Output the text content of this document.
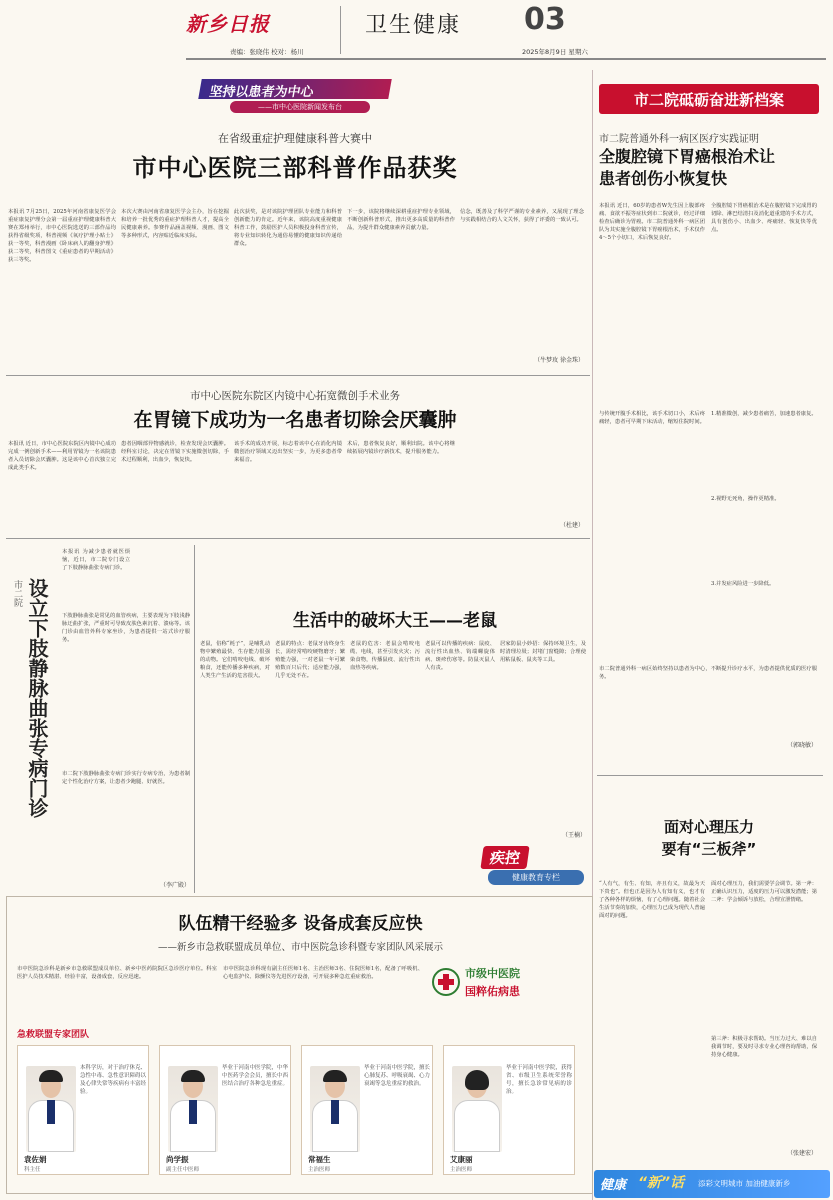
新乡日报	卫生健康 03
责编：张晓伟 校对：杨川	2025年8月9日 星期六
坚持以患者为中心
——市中心医院新闻发布台
在省级重症护理健康科普大赛中
市中心医院三部科普作品获奖
本报讯 7月25日，2025年河南省康复医学会重症康复护理分会第一届重症护理健康科普大赛在郑州举行，市中心医院选送的三部作品均获得省级奖项，科普视频《氧疗护理小贴士》获一等奖，科普漫画《卧床病人的翻身护理》获二等奖，科普图文《重症患者的早期活动》获三等奖。
本次大赛由河南省康复医学会主办，旨在挖掘和培养一批优秀的重症护理科普人才，提高全民健康素养。参赛作品涵盖视频、漫画、图文等多种形式，内容贴近临床实际。
此次获奖，是对该院护理团队专业能力和科普创新能力的肯定。近年来，该院高度重视健康科普工作，鼓励医护人员积极投身科普宣传，将专业知识转化为通俗易懂的健康知识传递给群众。
下一步，该院将继续深耕重症护理专业领域，不断创新科普形式，推出更多高质量的科普作品，为提升群众健康素养贡献力量。
信念，既善及了科学严谨的专业素养，又展现了理念与实践相结合的人文关怀，获得了评委的一致认可。
（牛梦玫 徐金珠）
市中心医院东院区内镜中心拓宽微创手术业务
在胃镜下成功为一名患者切除会厌囊肿
本报讯 近日，市中心医院东院区内镜中心成功完成一例创新手术——利用胃镜为一名该院患者入员切除会厌囊肿。这是该中心首次独立完成此类手术。
患者因咽部异物感就诊，检查发现会厌囊肿。经科室讨论，决定在胃镜下实施微创切除，手术过程顺利，出血少，恢复快。
该手术的成功开展，标志着该中心在消化内镜微创治疗领域又迈出坚实一步，为更多患者带来福音。
术后，患者恢复良好，顺利出院。该中心将继续拓展内镜诊疗新技术，提升服务能力。
（杜建）
市二院 设立下肢静脉曲张专病门诊
本报讯 为减少患者就医烦恼，近日，市二院专门设立了下肢静脉曲张专病门诊。
下肢静脉曲张是常见的血管疾病，主要表现为下肢浅静脉迂曲扩张，严重时可导致皮肤色素沉着、溃疡等。该门诊由血管外科专家坐诊，为患者提供一站式诊疗服务。
市二院下肢静脉曲张专病门诊实行专病专治，为患者制定个性化治疗方案，让患者少跑腿、好就医。
（李广殿）
生活中的破坏大王——老鼠
老鼠，俗称“耗子”，是哺乳动物中繁殖最快、生存能力很强的动物。它们啃咬电线、破坏粮食，还能传播多种疾病，对人类生产生活的危害很大。
老鼠的特点：老鼠牙齿终身生长，需经常啃咬硬物磨牙；繁殖能力强，一对老鼠一年可繁殖数百只后代；适应能力强，几乎无处不在。
老鼠的危害：老鼠会啃咬电缆、电线，甚至引发火灾；污染食物，传播鼠疫、流行性出血热等疾病。
老鼠可以传播的疾病：鼠疫、流行性出血热、钩端螺旋体病、斑疹伤寒等。防鼠灭鼠人人有责。
居家防鼠小妙招：保持环境卫生，及时清理垃圾；封堵门窗缝隙；合理使用粘鼠板、鼠夹等工具。
（王楠）
疾控
健康教育专栏
市二院砥砺奋进新档案
市二院普通外科一病区医疗实践证明
全腹腔镜下胃癌根治术让患者创伤小恢复快
本报讯 近日，60岁的患者W先生因上腹部疼痛、食欲不振等症状到市二院就诊，经过详细检查后确诊为胃癌。市二院普通外科一病区团队为其实施全腹腔镜下胃癌根治术，手术仅作4～5个小切口，术后恢复良好。
全腹腔镜下胃癌根治术是在腹腔镜下完成胃的切除、淋巴结清扫及消化道重建的手术方式，具有创伤小、出血少、疼痛轻、恢复快等优点。
与传统开腹手术相比，该手术切口小，术后疼痛轻，患者可早期下床活动，缩短住院时间。
1.精准微创，减少患者痛苦，加速患者康复。
2.视野无死角，操作更精准。
3.并发症风险进一步降低。
市二院普通外科一病区始终坚持以患者为中心，不断提升诊疗水平，为患者提供优质的医疗服务。
（郭晓敏）
面对心理压力
要有“三板斧”
“人有气，有生、有知，亦且有义，故最为天下贵也”。但也正是因为人有知有义，也才有了各种各样的烦恼，有了心理问题。随着社会生活节奏的加快，心理压力已成为现代人普遍面对的问题。
面对心理压力，我们需要学会调节。第一斧：正确认识压力，适度的压力可以激发潜能；第二斧：学会倾诉与放松，合理宣泄情绪。
第三斧：积极寻求帮助。当压力过大、难以自我调节时，要及时寻求专业心理咨询帮助，保持身心健康。
（张建宏）
健康 “新”话 添彩文明城市 加油健康新乡
队伍精干经验多 设备成套反应快
——新乡市急救联盟成员单位、市中医院急诊科暨专家团队风采展示
市中医院急诊科是新乡市急救联盟成员单位、新乡中医药院院区急诊医疗单位。科室医护人员技术精湛、经验丰富，设备成套，反应迅速。
市中医院急诊科现有副主任医师1名、主治医师3名、住院医师1名，配备了呼吸机、心电监护仪、除颤仪等先进医疗设备，可开展多种急危重症救治。	市级中医院
国粹佑病患
急救联盟专家团队
本科学历，对于治疗休克、急性中毒、急性意识障碍以及心律失常等疾病有丰富经验。
袁佐娟
科主任
毕业于河南中医学院，中华中医药学会会员，擅长中西医结合治疗各种急危重症。
尚学振
副主任中医师
毕业于河南中医学院，擅长心肺复苏、呼吸衰竭、心力衰竭等急危重症的救治。
常福生
主治医师
毕业于河南中医学院，获得省、市级卫生系统荣誉称号，擅长急诊常见病的诊治。
艾康丽
主治医师
